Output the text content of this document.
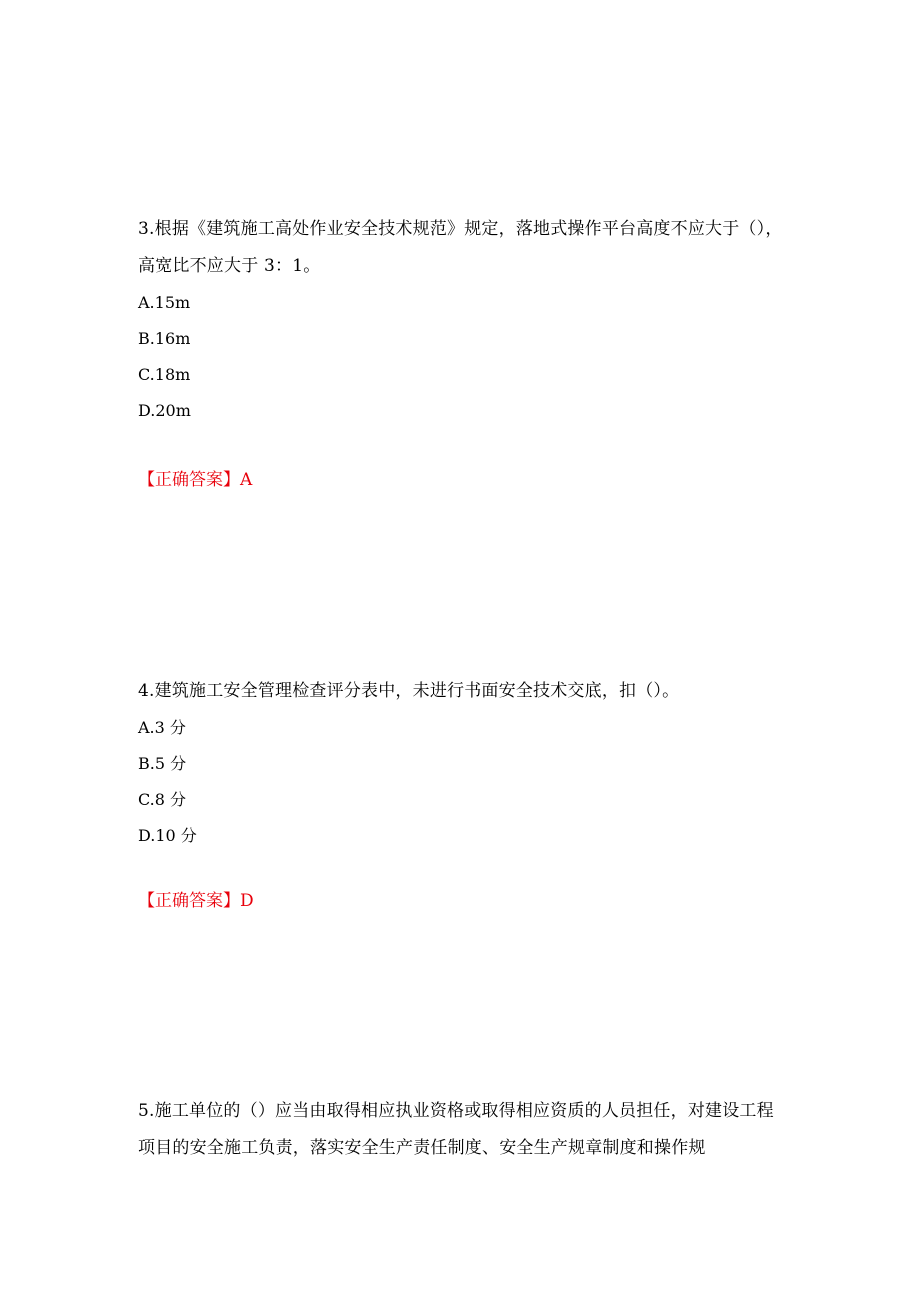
3.根据《建筑施工高处作业安全技术规范》规定，落地式操作平台高度不应大于（），高宽比不应大于 3：1。

A.15m
B.16m
C.18m
D.20m
【正确答案】A

4.建筑施工安全管理检查评分表中，未进行书面安全技术交底，扣（）。

A.3 分
B.5 分
C.8 分
D.10 分
【正确答案】D

5.施工单位的（）应当由取得相应执业资格或取得相应资质的人员担任，对建设工程项目的安全施工负责，落实安全生产责任制度、安全生产规章制度和操作规
